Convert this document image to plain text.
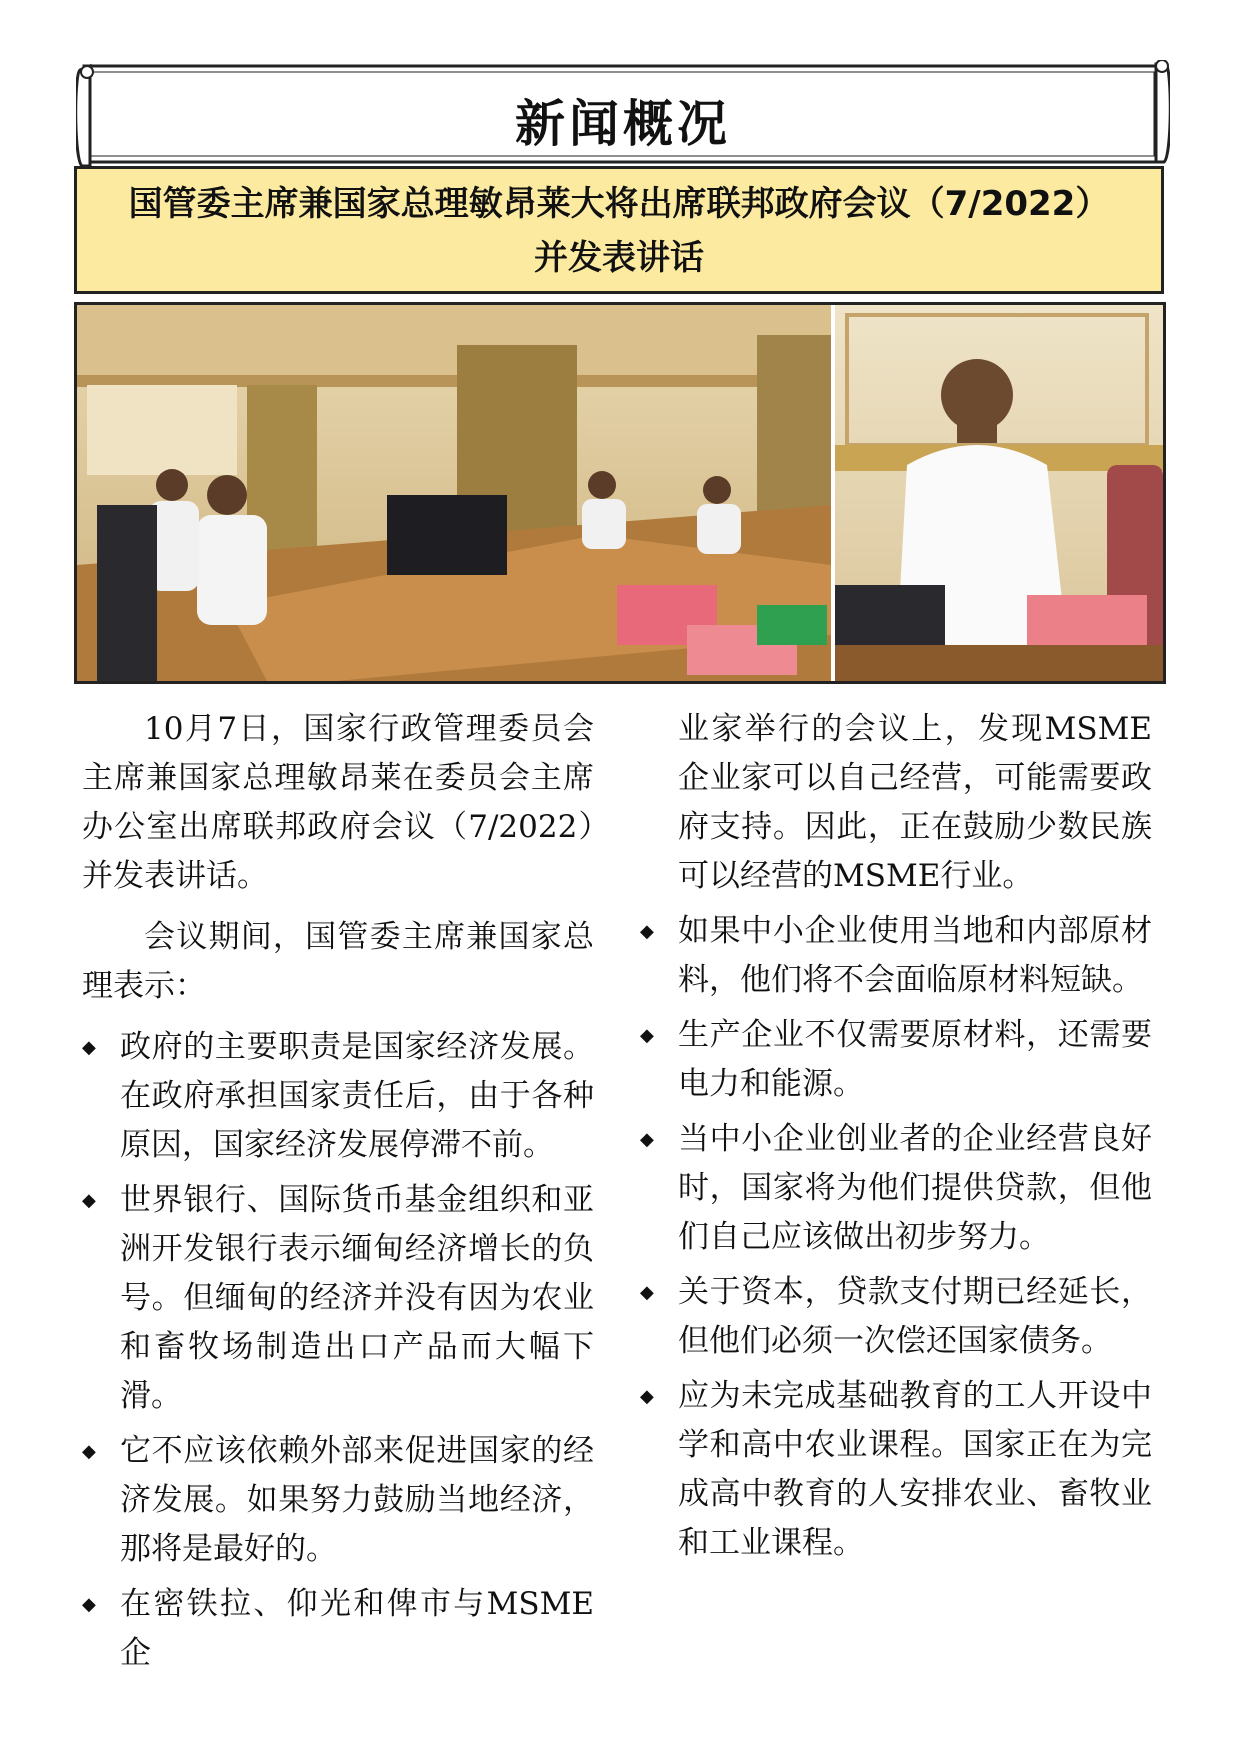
新闻概况
国管委主席兼国家总理敏昂莱大将出席联邦政府会议（7/2022）
并发表讲话

10月7日，国家行政管理委员会主席兼国家总理敏昂莱在委员会主席办公室出席联邦政府会议（7/2022）并发表讲话。

会议期间，国管委主席兼国家总理表示：

◆ 政府的主要职责是国家经济发展。在政府承担国家责任后，由于各种原因，国家经济发展停滞不前。
◆ 世界银行、国际货币基金组织和亚洲开发银行表示缅甸经济增长的负号。但缅甸的经济并没有因为农业和畜牧场制造出口产品而大幅下滑。
◆ 它不应该依赖外部来促进国家的经济发展。如果努力鼓励当地经济，那将是最好的。
◆ 在密铁拉、仰光和俾市与MSME企
业家举行的会议上，发现MSME企业家可以自己经营，可能需要政府支持。因此，正在鼓励少数民族可以经营的MSME行业。
◆ 如果中小企业使用当地和内部原材料，他们将不会面临原材料短缺。
◆ 生产企业不仅需要原材料，还需要电力和能源。
◆ 当中小企业创业者的企业经营良好时，国家将为他们提供贷款，但他们自己应该做出初步努力。
◆ 关于资本，贷款支付期已经延长，但他们必须一次偿还国家债务。
◆ 应为未完成基础教育的工人开设中学和高中农业课程。国家正在为完成高中教育的人安排农业、畜牧业和工业课程。
